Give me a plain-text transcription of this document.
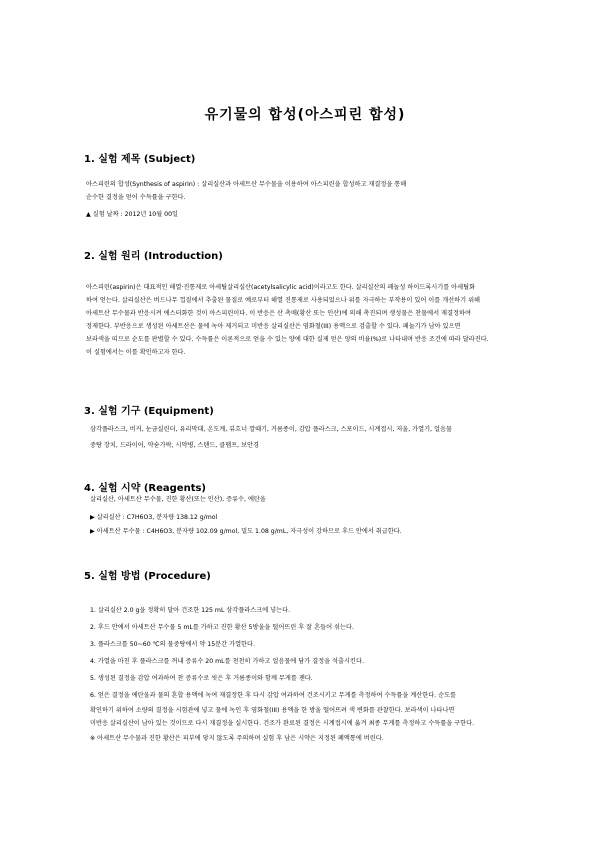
유기물의 합성(아스피린 합성)
1. 실험 제목 (Subject)
아스피린의 합성(Synthesis of aspirin) : 살리실산과 아세트산 무수물을 이용하여 아스피린을 합성하고 재결정을 통해
순수한 결정을 얻어 수득률을 구한다.
▲ 실험 날짜 : 2012년 10월 00일
2. 실험 원리 (Introduction)
아스피린(aspirin)은 대표적인 해열·진통제로 아세틸살리실산(acetylsalicylic acid)이라고도 한다. 살리실산의 페놀성 하이드록시기를 아세틸화
하여 얻는다. 살리실산은 버드나무 껍질에서 추출된 물질로 예로부터 해열 진통제로 사용되었으나 위를 자극하는 부작용이 있어 이를 개선하기 위해
아세트산 무수물과 반응시켜 에스터화한 것이 아스피린이다. 이 반응은 산 촉매(황산 또는 인산)에 의해 촉진되며 생성물은 찬물에서 재결정하여
정제한다. 부반응으로 생성된 아세트산은 물에 녹아 제거되고 미반응 살리실산은 염화철(III) 용액으로 검출할 수 있다. 페놀기가 남아 있으면
보라색을 띠므로 순도를 판별할 수 있다. 수득률은 이론적으로 얻을 수 있는 양에 대한 실제 얻은 양의 비율(%)로 나타내며 반응 조건에 따라 달라진다.
이 실험에서는 이를 확인하고자 한다.
3. 실험 기구 (Equipment)
삼각플라스크, 비커, 눈금실린더, 유리막대, 온도계, 뷰흐너 깔때기, 거름종이, 감압 플라스크, 스포이드, 시계접시, 저울, 가열기, 얼음물
중탕 장치, 드라이어, 약숟가락, 시약병, 스탠드, 클램프, 보안경
4. 실험 시약 (Reagents)
살리실산, 아세트산 무수물, 진한 황산(또는 인산), 증류수, 에탄올
▶ 살리실산 : C7H6O3, 분자량 138.12 g/mol
▶ 아세트산 무수물 : C4H6O3, 분자량 102.09 g/mol, 밀도 1.08 g/mL, 자극성이 강하므로 후드 안에서 취급한다.
5. 실험 방법 (Procedure)
1. 살리실산 2.0 g을 정확히 달아 건조한 125 mL 삼각플라스크에 넣는다.
2. 후드 안에서 아세트산 무수물 5 mL를 가하고 진한 황산 5방울을 떨어뜨린 후 잘 흔들어 섞는다.
3. 플라스크를 50~60 ℃의 물중탕에서 약 15분간 가열한다.
4. 가열을 마친 후 플라스크를 꺼내 증류수 20 mL를 천천히 가하고 얼음물에 담가 결정을 석출시킨다.
5. 생성된 결정을 감압 여과하여 찬 증류수로 씻은 후 거름종이와 함께 무게를 잰다.
6. 얻은 결정을 에탄올과 물의 혼합 용액에 녹여 재결정한 후 다시 감압 여과하여 건조시키고 무게를 측정하여 수득률을 계산한다. 순도를
확인하기 위하여 소량의 결정을 시험관에 넣고 물에 녹인 후 염화철(III) 용액을 한 방울 떨어뜨려 색 변화를 관찰한다. 보라색이 나타나면
미반응 살리실산이 남아 있는 것이므로 다시 재결정을 실시한다. 건조가 완료된 결정은 시계접시에 옮겨 최종 무게를 측정하고 수득률을 구한다.
※ 아세트산 무수물과 진한 황산은 피부에 닿지 않도록 주의하며 실험 후 남은 시약은 지정된 폐액통에 버린다.
